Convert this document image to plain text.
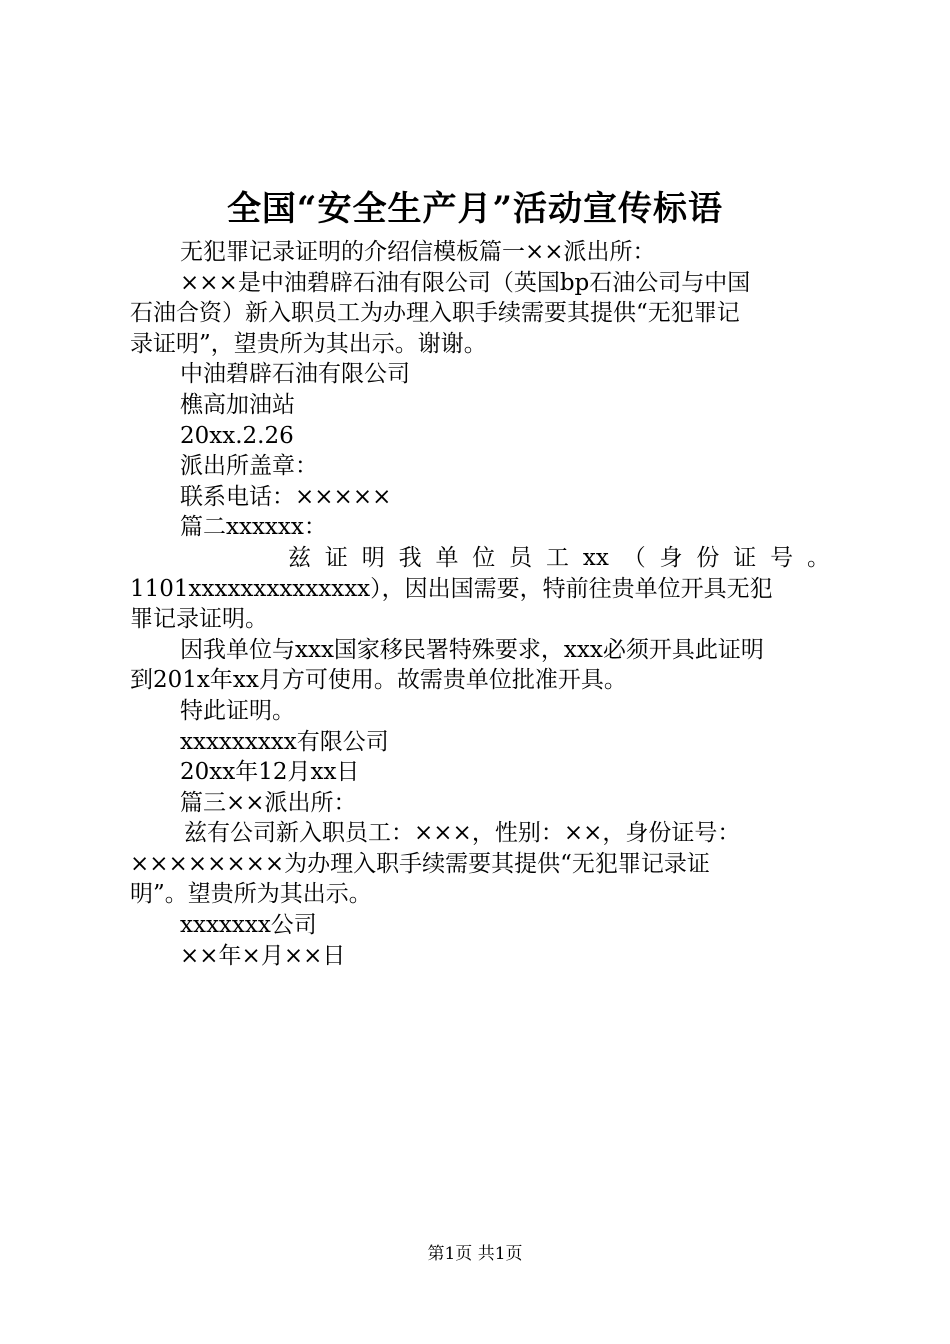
全国“安全生产月”活动宣传标语
无犯罪记录证明的介绍信模板篇一××派出所：
×××是中油碧辟石油有限公司（英国bp石油公司与中国
石油合资）新入职员工为办理入职手续需要其提供“无犯罪记
录证明”，望贵所为其出示。谢谢。
中油碧辟石油有限公司
樵高加油站
20xx.2.26
派出所盖章：
联系电话：×××××
篇二xxxxxx：
兹 证 明 我 单 位 员 工 xx （ 身 份 证 号 。
1101xxxxxxxxxxxxxx），因出国需要，特前往贵单位开具无犯
罪记录证明。
因我单位与xxx国家移民署特殊要求，xxx必须开具此证明
到201x年xx月方可使用。故需贵单位批准开具。
特此证明。
xxxxxxxxx有限公司
20xx年12月xx日
篇三××派出所：
兹有公司新入职员工：×××，性别：××，身份证号：
××××××××为办理入职手续需要其提供“无犯罪记录证
明”。望贵所为其出示。
xxxxxxx公司
××年×月××日
第1页 共1页
